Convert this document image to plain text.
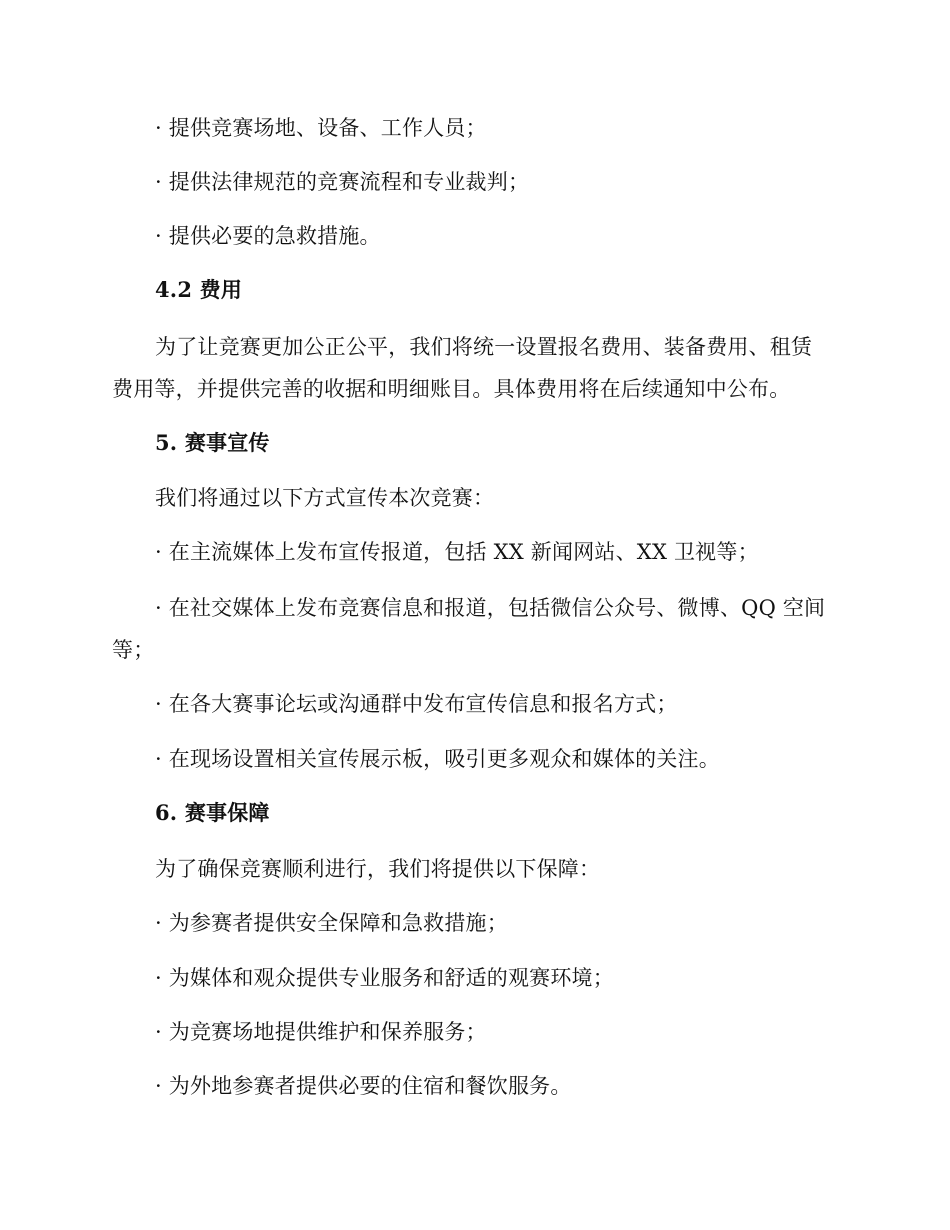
· 提供竞赛场地、设备、工作人员；
· 提供法律规范的竞赛流程和专业裁判；
· 提供必要的急救措施。
4.2 费用
为了让竞赛更加公正公平，我们将统一设置报名费用、装备费用、租赁
费用等，并提供完善的收据和明细账目。具体费用将在后续通知中公布。
5. 赛事宣传
我们将通过以下方式宣传本次竞赛：
· 在主流媒体上发布宣传报道，包括 XX 新闻网站、XX 卫视等；
· 在社交媒体上发布竞赛信息和报道，包括微信公众号、微博、QQ 空间
等；
· 在各大赛事论坛或沟通群中发布宣传信息和报名方式；
· 在现场设置相关宣传展示板，吸引更多观众和媒体的关注。
6. 赛事保障
为了确保竞赛顺利进行，我们将提供以下保障：
· 为参赛者提供安全保障和急救措施；
· 为媒体和观众提供专业服务和舒适的观赛环境；
· 为竞赛场地提供维护和保养服务；
· 为外地参赛者提供必要的住宿和餐饮服务。
